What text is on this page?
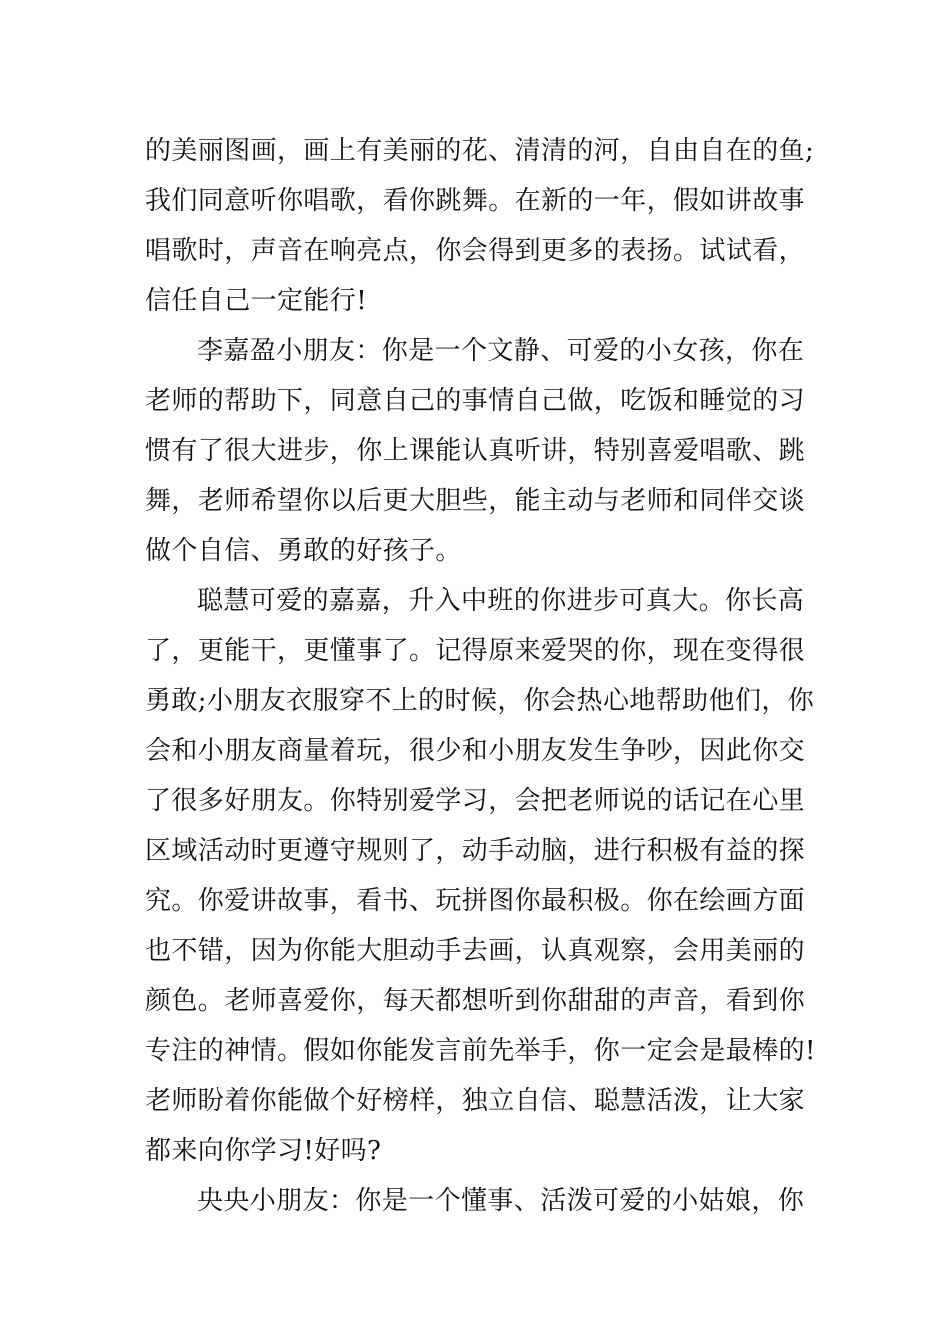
的美丽图画，画上有美丽的花、清清的河，自由自在的鱼;
我们同意听你唱歌，看你跳舞。在新的一年，假如讲故事
唱歌时，声音在响亮点，你会得到更多的表扬。试试看，
信任自己一定能行!
李嘉盈小朋友：你是一个文静、可爱的小女孩，你在
老师的帮助下，同意自己的事情自己做，吃饭和睡觉的习
惯有了很大进步，你上课能认真听讲，特别喜爱唱歌、跳
舞，老师希望你以后更大胆些，能主动与老师和同伴交谈
做个自信、勇敢的好孩子。
聪慧可爱的嘉嘉，升入中班的你进步可真大。你长高
了，更能干，更懂事了。记得原来爱哭的你，现在变得很
勇敢;小朋友衣服穿不上的时候，你会热心地帮助他们，你
会和小朋友商量着玩，很少和小朋友发生争吵，因此你交
了很多好朋友。你特别爱学习，会把老师说的话记在心里
区域活动时更遵守规则了，动手动脑，进行积极有益的探
究。你爱讲故事，看书、玩拼图你最积极。你在绘画方面
也不错，因为你能大胆动手去画，认真观察，会用美丽的
颜色。老师喜爱你，每天都想听到你甜甜的声音，看到你
专注的神情。假如你能发言前先举手，你一定会是最棒的!
老师盼着你能做个好榜样，独立自信、聪慧活泼，让大家
都来向你学习!好吗?
央央小朋友：你是一个懂事、活泼可爱的小姑娘，你
